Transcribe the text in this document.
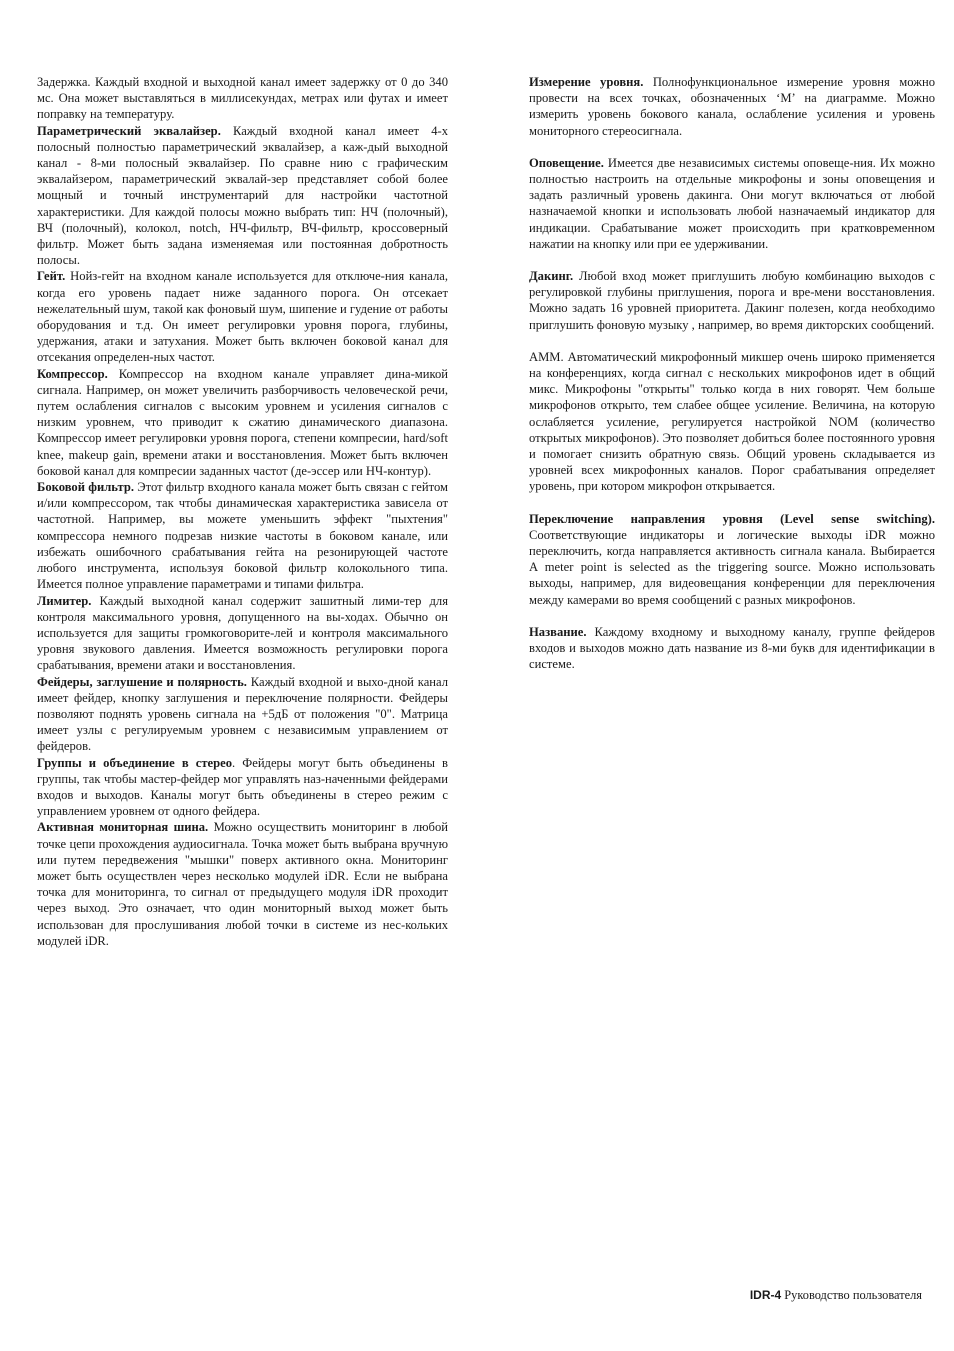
Задержка. Каждый входной и выходной канал имеет задержку от 0 до 340 мс. Она может выставляться в миллисекундах, метрах или футах и имеет поправку на температуру.

Параметрический эквалайзер. Каждый входной канал имеет 4-х полосный полностью параметрический эквалайзер, а каж-дый выходной канал - 8-ми полосный эквалайзер. По сравне нию с графическим эквалайзером, параметрический эквалай-зер представляет собой более мощный и точный инструментарий для настройки частотной характеристики. Для каждой полосы можно выбрать тип: НЧ (полочный), ВЧ (полочный), колокол, notch, НЧ-фильтр, ВЧ-фильтр, кроссоверный фильтр. Может быть задана изменяемая или постоянная добротность полосы.

Гейт. Нойз-гейт на входном канале используется для отключе-ния канала, когда его уровень падает ниже заданного порога. Он отсекает нежелательный шум, такой как фоновый шум, шипение и гудение от работы оборудования и т.д. Он имеет регулировки уровня порога, глубины, удержания, атаки и затухания. Может быть включен боковой канал для отсекания определен-ных частот.

Компрессор. Компрессор на входном канале управляет дина-микой сигнала. Например, он может увеличить разборчивость человеческой речи, путем ослабления сигналов с высоким уровнем и усиления сигналов с низким уровнем, что приводит к сжатию динамического диапазона. Компрессор имеет регулировки уровня порога, степени компресии, hard/soft knee, makeup gain, времени атаки и восстановления. Может быть включен боковой канал для компресии заданных частот (де-эссер или НЧ-контур).

Боковой фильтр. Этот фильтр входного канала может быть связан с гейтом и/или компрессором, так чтобы динамическая характеристика зависела от частотной. Например, вы можете уменьшить эффект "пыхтения" компрессора немного подрезав низкие частоты в боковом канале, или избежать ошибочного срабатывания гейта на резонирующей частоте любого инструмента, используя боковой фильтр колокольного типа. Имеется полное управление параметрами и типами фильтра.

Лимитер. Каждый выходной канал содержит зашитный лими-тер для контроля максимального уровня, допущенного на вы-ходах. Обычно он используется для защиты громкоговорите-лей и контроля максимального уровня звукового давления. Имеется возможность регулировки порога срабатывания, времени атаки и восстановления.

Фейдеры, заглушение и полярность. Каждый входной и выхо-дной канал имеет фейдер, кнопку заглушения и переключение полярности. Фейдеры позволяют поднять уровень сигнала на +5дБ от положения "0". Матрица имеет узлы с регулируемым уровнем с независимым управлением от фейдеров.

Группы и объединение в стерео. Фейдеры могут быть объединены в группы, так чтобы мастер-фейдер мог управлять наз-наченными фейдерами входов и выходов. Каналы могут быть объединены в стерео режим с управлением уровнем от одного фейдера.

Активная мониторная шина. Можно осуществить мониторинг в любой точке цепи прохождения аудиосигнала. Точка может быть выбрана вручную или путем передвежения "мышки" поверх активного окна. Мониторинг может быть осуществлен через несколько модулей iDR. Если не выбрана точка для мониторинга, то сигнал от предыдущего модуля iDR проходит через выход. Это означает, что один мониторный выход может быть использован для прослушивания любой точки в системе из нес-кольких модулей iDR.

Измерение уровня. Полнофункциональное измерение уровня можно провести на всех точках, обозначенных ‘M’ на диаграмме. Можно измерить уровень бокового канала, ослабление усиления и уровень мониторного стереосигнала.

Оповещение. Имеется две независимых системы оповеще-ния. Их можно полностью настроить на отдельные микрофоны и зоны оповещения и задать различный уровень дакинга. Они могут включаться от любой назначаемой кнопки и использовать любой назначаемый индикатор для индикации. Срабатывание может происходить при кратковременном нажатии на кнопку или при ее удерживании.

Дакинг. Любой вход может приглушить любую комбинацию выходов с регулировкой глубины приглушения, порога и вре-мени восстановления. Можно задать 16 уровней приоритета. Дакинг полезен, когда необходимо приглушить фоновую музыку , например, во время дикторских сообщений.

AMM. Автоматический микрофонный микшер очень широко применяется на конференциях, когда сигнал с нескольких микрофонов идет в общий микс. Микрофоны "открыты" только когда в них говорят. Чем больше микрофонов открыто, тем слабее общее усиление. Величина, на которую ослабляется усиление, регулируется настройкой NOM (количество открытых микрофонов). Это позволяет добиться более постоянного уровня и помогает снизить обратную связь. Общий уровень складывается из уровней всех микрофонных каналов. Порог срабатывания определяет уровень, при котором микрофон открывается.

Переключение направления уровня (Level sense switching). Соответствующие индикаторы и логические выходы iDR можно переключить, когда направляется активность сигнала канала. Выбирается A meter point is selected as the triggering source. Можно использовать выходы, например, для видеовещания конференции для переключения между камерами во время сообщений с разных микрофонов.

Название. Каждому входному и выходному каналу, группе фейдеров входов и выходов можно дать название из 8-ми букв для идентификации в системе.

IDR-4 Руководство пользователя
